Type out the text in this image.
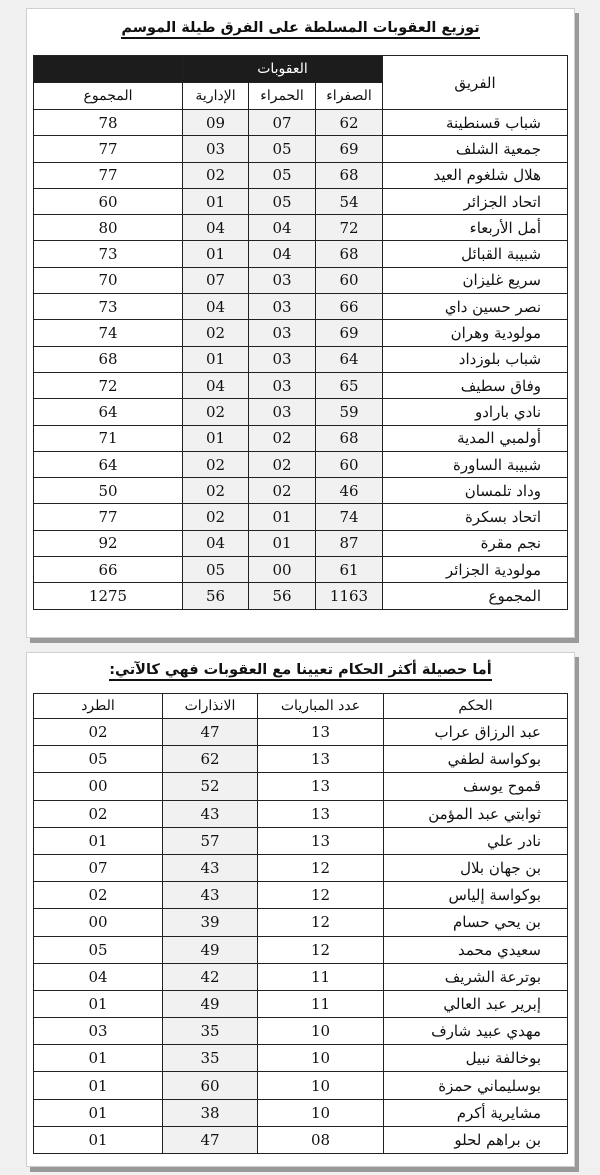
توزيع العقوبات المسلطة على الفرق طيلة الموسم
الفريق	العقوبات			
	الصفراء	الحمراء	الإدارية	المجموع
شباب قسنطينة	62	07	09	78
جمعية الشلف	69	05	03	77
هلال شلغوم العيد	68	05	02	77
اتحاد الجزائر	54	05	01	60
أمل الأربعاء	72	04	04	80
شبيبة القبائل	68	04	01	73
سريع غليزان	60	03	07	70
نصر حسين داي	66	03	04	73
مولودية وهران	69	03	02	74
شباب بلوزداد	64	03	01	68
وفاق سطيف	65	03	04	72
نادي بارادو	59	03	02	64
أولمبي المدية	68	02	01	71
شبيبة الساورة	60	02	02	64
وداد تلمسان	46	02	02	50
اتحاد بسكرة	74	01	02	77
نجم مقرة	87	01	04	92
مولودية الجزائر	61	00	05	66
المجموع	1163	56	56	1275
أما حصيلة أكثر الحكام تعيينا مع العقوبات فهي كالآتي:
الحكم	عدد المباريات	الانذارات	الطرد
عبد الرزاق عراب	13	47	02
بوكواسة لطفي	13	62	05
قموح يوسف	13	52	00
ثوابتي عبد المؤمن	13	43	02
نادر علي	13	57	01
بن جهان بلال	12	43	07
بوكواسة إلياس	12	43	02
بن يحي حسام	12	39	00
سعيدي محمد	12	49	05
بوترعة الشريف	11	42	04
إبرير عبد العالي	11	49	01
مهدي عبيد شارف	10	35	03
بوخالفة نبيل	10	35	01
بوسليماني حمزة	10	60	01
مشايرية أكرم	10	38	01
بن براهم لحلو	08	47	01
